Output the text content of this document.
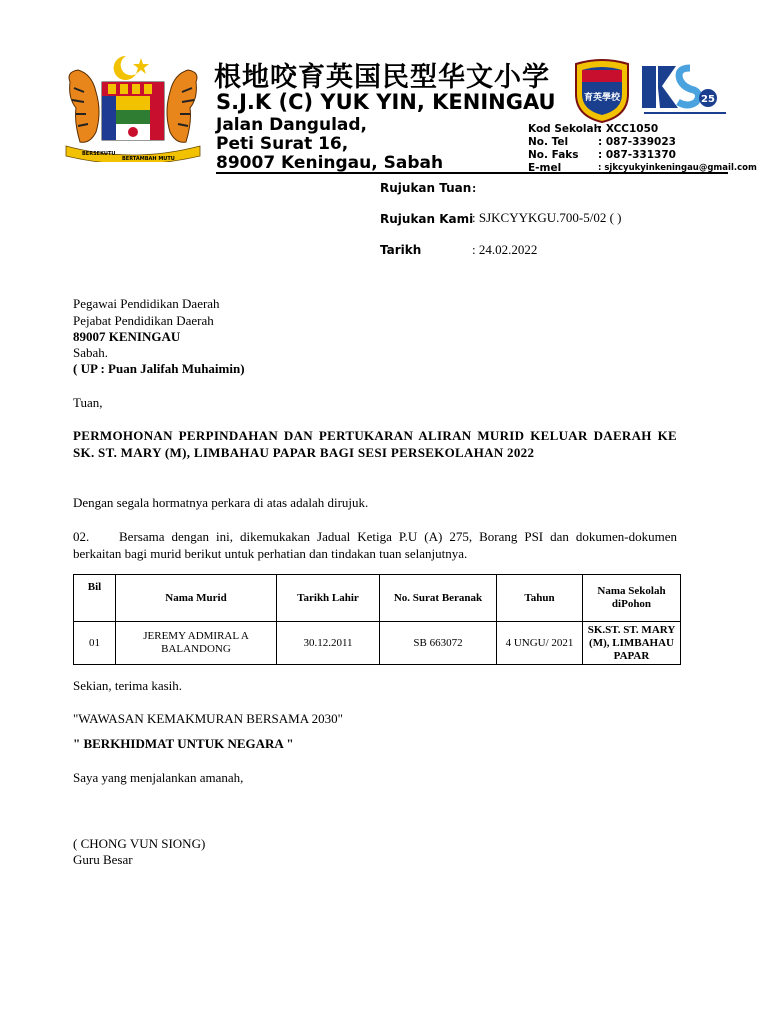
BERSEKUTU
BERTAMBAH MUTU
根地咬育英国民型华文小学
S.J.K (C) YUK YIN, KENINGAU
Jalan Dangulad,
Peti Surat 16,
89007 Keningau, Sabah
育英學校	25
Kod Sekolah
: XCC1050
No. Tel	: 087-339023
No. Faks : 087-331370
E-mel	: sjkcyukyinkeningau@gmail.com
Rujukan Tuan :
Rujukan Kami
: SJKCYYKGU.700-5/02 ( )
Tarikh	: 24.02.2022
Pegawai Pendidikan Daerah
Pejabat Pendidikan Daerah
89007 KENINGAU
Sabah.
( UP : Puan Jalifah Muhaimin)
Tuan,
PERMOHONAN PERPINDAHAN DAN PERTUKARAN ALIRAN MURID KELUAR DAERAH KE SK. ST. MARY (M), LIMBAHAU PAPAR BAGI SESI PERSEKOLAHAN 2022
Dengan segala hormatnya perkara di atas adalah dirujuk.
02. Bersama dengan ini, dikemukakan Jadual Ketiga P.U (A) 275, Borang PSI dan dokumen-dokumen berkaitan bagi murid berikut untuk perhatian dan tindakan tuan selanjutnya.
Bil	Nama Murid	Tarikh Lahir	No. Surat Beranak	Tahun	Nama Sekolah diPohon
01	JEREMY ADMIRAL A BALANDONG	30.12.2011	SB 663072	4 UNGU/ 2021	SK.ST. ST. MARY (M), LIMBAHAU PAPAR
Sekian, terima kasih.
"WAWASAN KEMAKMURAN BERSAMA 2030"
" BERKHIDMAT UNTUK NEGARA "
Saya yang menjalankan amanah,
( CHONG VUN SIONG)
Guru Besar
